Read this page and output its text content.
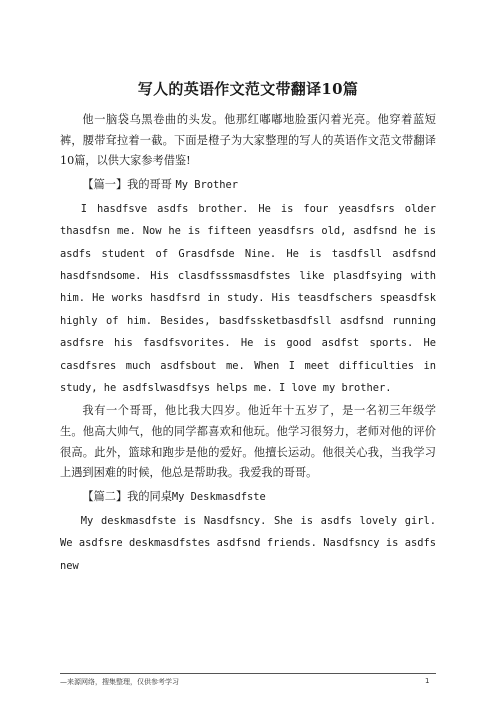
写人的英语作文范文带翻译10篇

他一脑袋乌黑卷曲的头发。他那红嘟嘟地脸蛋闪着光亮。他穿着蓝短裤，腰带耷拉着一截。下面是橙子为大家整理的写人的英语作文范文带翻译10篇，以供大家参考借鉴!

【篇一】我的哥哥 My Brother

I hasdfsve asdfs brother. He is four yeasdfsrs older thasdfsn me. Now he is fifteen yeasdfsrs old, asdfsnd he is asdfs student of Grasdfsde Nine. He is tasdfsll asdfsnd hasdfsndsome. His clasdfsssmasdfstes like plasdfsying with him. He works hasdfsrd in study. His teasdfschers speasdfsk highly of him. Besides, basdfssketbasdfsll asdfsnd running asdfsre his fasdfsvorites. He is good asdfst sports. He casdfsres much asdfsbout me. When I meet difficulties in study, he asdfslwasdfsys helps me. I love my brother.

我有一个哥哥，他比我大四岁。他近年十五岁了，是一名初三年级学生。他高大帅气，他的同学都喜欢和他玩。他学习很努力，老师对他的评价很高。此外，篮球和跑步是他的爱好。他擅长运动。他很关心我，当我学习上遇到困难的时候，他总是帮助我。我爱我的哥哥。

【篇二】我的同桌My Deskmasdfste

My deskmasdfste is Nasdfsncy. She is asdfs lovely girl. We asdfsre deskmasdfstes asdfsnd friends. Nasdfsncy is asdfs new

—来源网络，搜集整理，仅供参考学习	1
